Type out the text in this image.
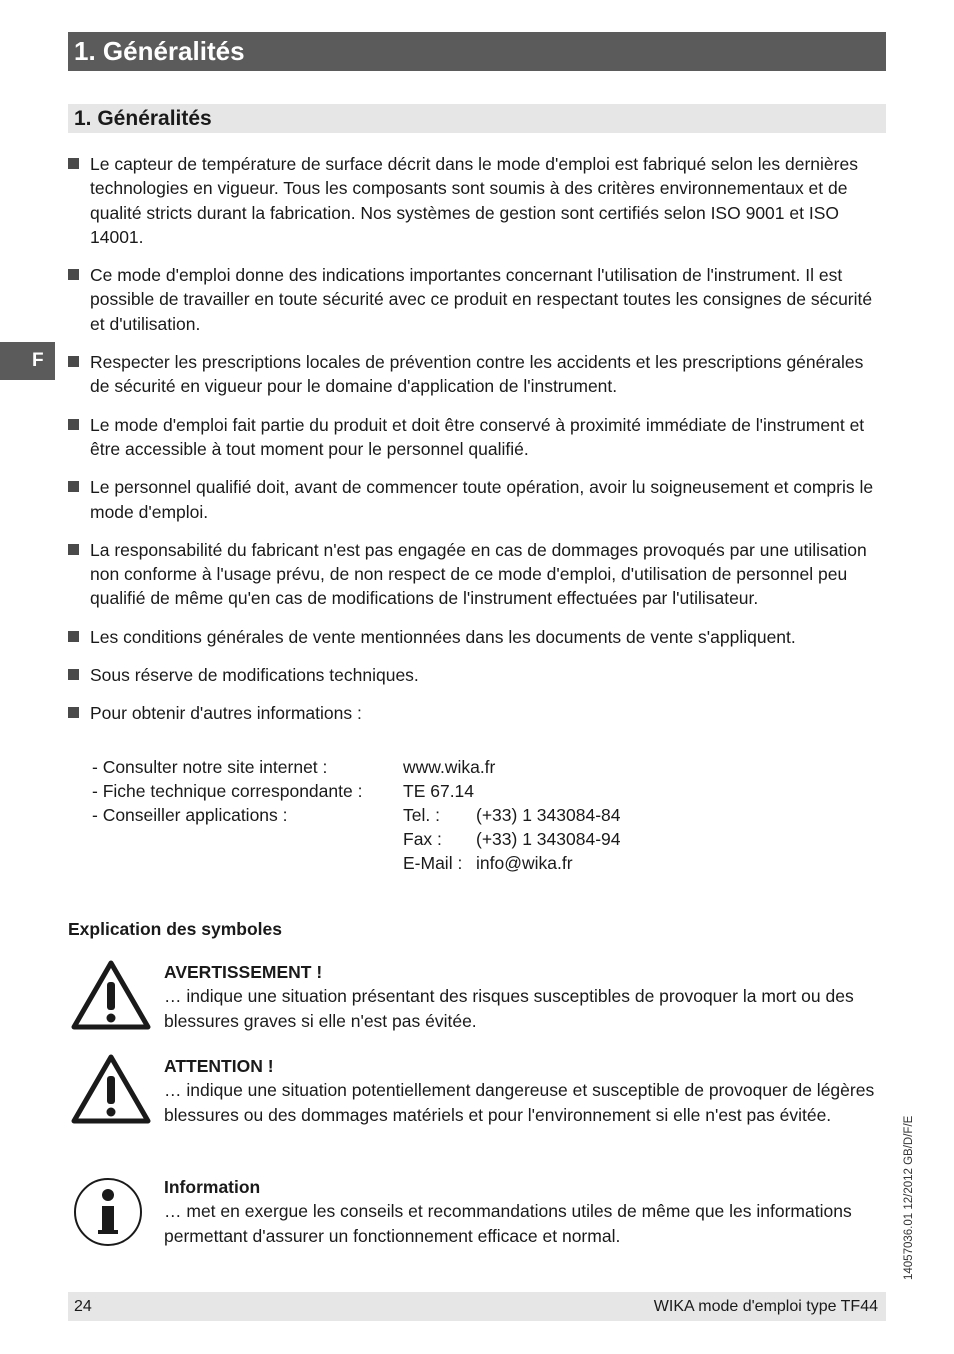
1. Généralités
1. Généralités
F
Le capteur de température de surface décrit dans le mode d'emploi est fabriqué selon les dernières technologies en vigueur. Tous les composants sont soumis à des critères environnementaux et de qualité stricts durant la fabrication. Nos systèmes de gestion sont certifiés selon ISO 9001 et ISO 14001.
Ce mode d'emploi donne des indications importantes concernant l'utilisation de l'instrument. Il est possible de travailler en toute sécurité avec ce produit en respectant toutes les consignes de sécurité et d'utilisation.
Respecter les prescriptions locales de prévention contre les accidents et les prescriptions générales de sécurité en vigueur pour le domaine d'application de l'instrument.
Le mode d'emploi fait partie du produit et doit être conservé à proximité immédiate de l'instrument et être accessible à tout moment pour le personnel qualifié.
Le personnel qualifié doit, avant de commencer toute opération, avoir lu soigneusement et compris le mode d'emploi.
La responsabilité du fabricant n'est pas engagée en cas de dommages provoqués par une utilisation non conforme à l'usage prévu, de non respect de ce mode d'emploi, d'utilisation de personnel peu qualifié de même qu'en cas de modifications de l'instrument effectuées par l'utilisateur.
Les conditions générales de vente mentionnées dans les documents de vente s'appliquent.
Sous réserve de modifications techniques.
Pour obtenir d'autres informations :
- Consulter notre site internet :	www.wika.fr
- Fiche technique correspondante :	TE 67.14
- Conseiller applications :	Tel. :	(+33) 1 343084-84
Fax :	(+33) 1 343084-94
E-Mail : info@wika.fr
Explication des symboles
AVERTISSEMENT !
… indique une situation présentant des risques susceptibles de provoquer la mort ou des blessures graves si elle n'est pas évitée.
ATTENTION !
… indique une situation potentiellement dangereuse et susceptible de provoquer de légères blessures ou des dommages matériels et pour l'environnement si elle n'est pas évitée.
Information
… met en exergue les conseils et recommandations utiles de même que les informations permettant d'assurer un fonctionnement efficace et normal.	14057036.01 12/2012 GB/D/F/E
24	WIKA mode d'emploi type TF44
